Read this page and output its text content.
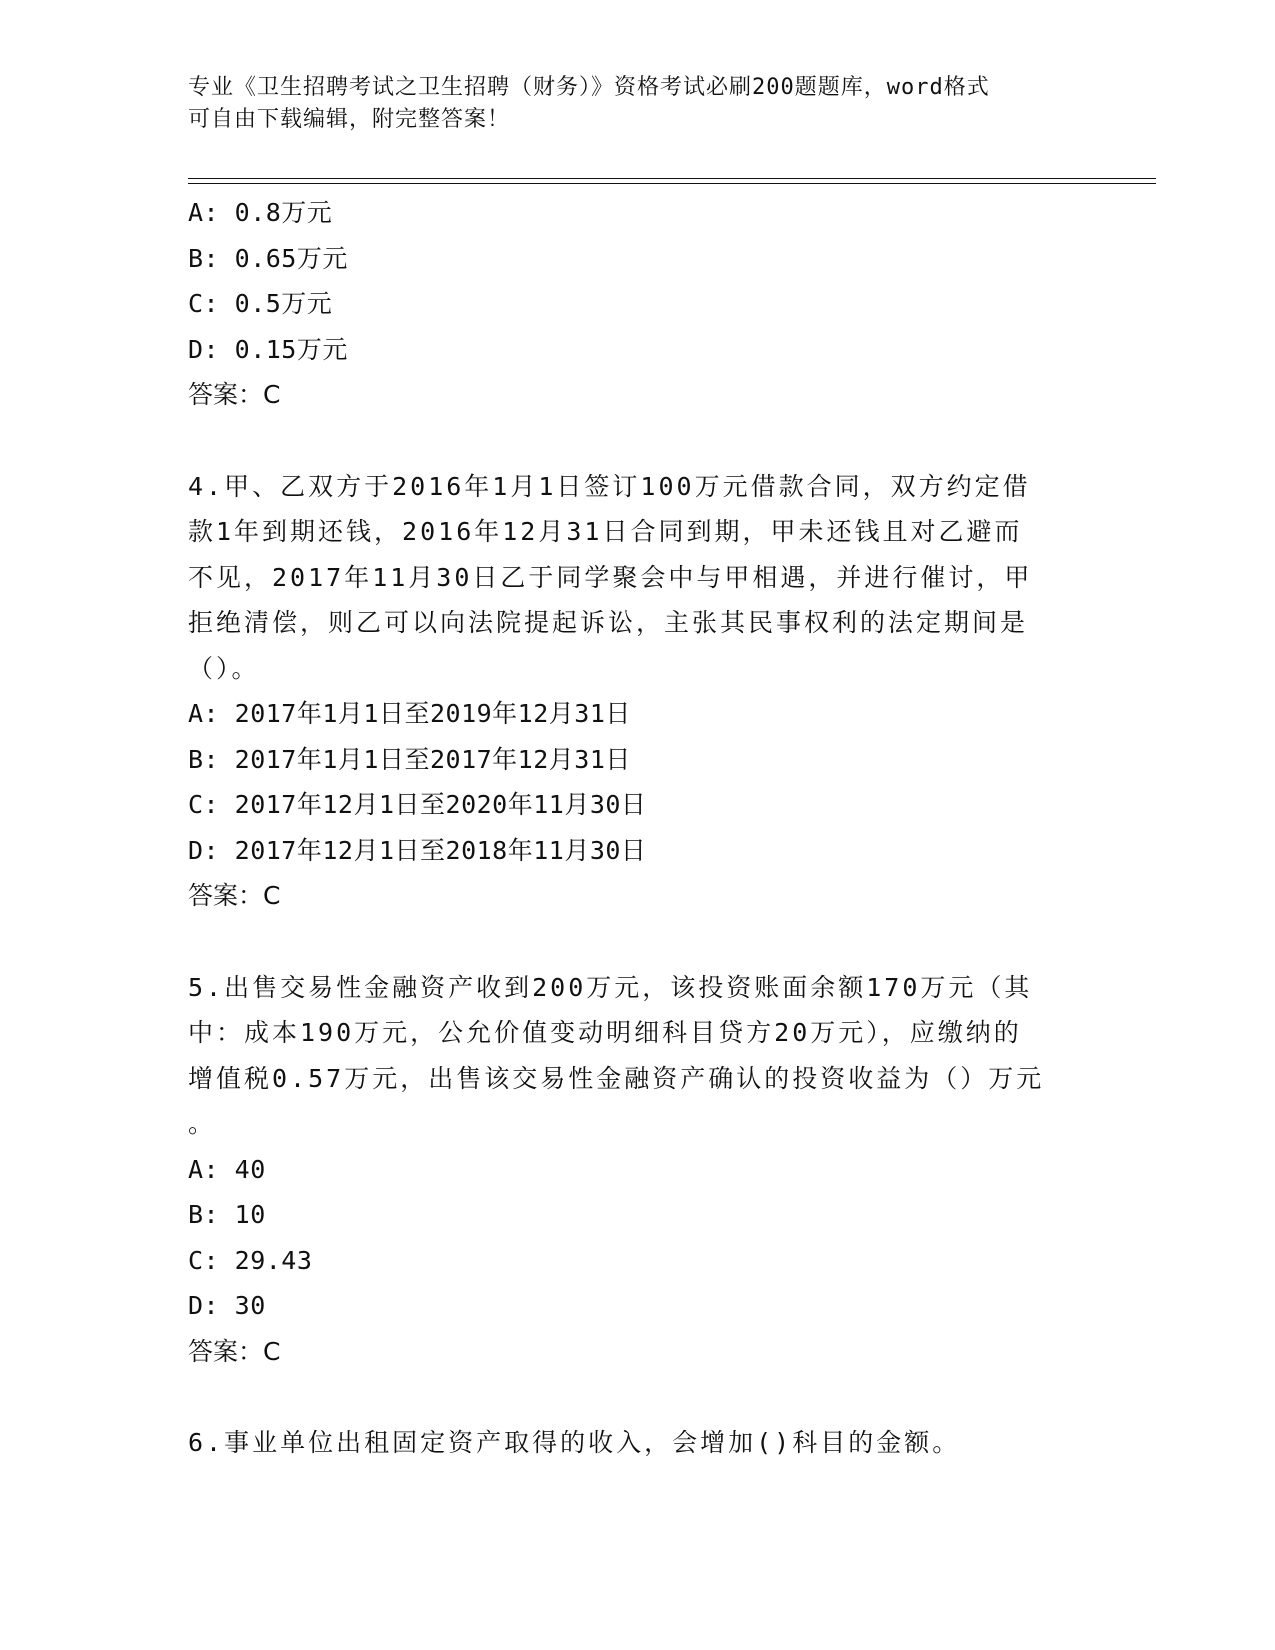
专业《卫生招聘考试之卫生招聘（财务）》资格考试必刷200题题库，word格式
可自由下载编辑，附完整答案！
A: 0.8万元
B: 0.65万元
C: 0.5万元
D: 0.15万元
答案：C
4.甲、乙双方于2016年1月1日签订100万元借款合同，双方约定借
款1年到期还钱，2016年12月31日合同到期，甲未还钱且对乙避而
不见，2017年11月30日乙于同学聚会中与甲相遇，并进行催讨，甲
拒绝清偿，则乙可以向法院提起诉讼，主张其民事权利的法定期间是
（）。
A: 2017年1月1日至2019年12月31日
B: 2017年1月1日至2017年12月31日
C: 2017年12月1日至2020年11月30日
D: 2017年12月1日至2018年11月30日
答案：C
5.出售交易性金融资产收到200万元，该投资账面余额170万元（其
中：成本190万元，公允价值变动明细科目贷方20万元），应缴纳的
增值税0.57万元，出售该交易性金融资产确认的投资收益为（）万元
。
A: 40
B: 10
C: 29.43
D: 30
答案：C
6.事业单位出租固定资产取得的收入，会增加()科目的金额。
